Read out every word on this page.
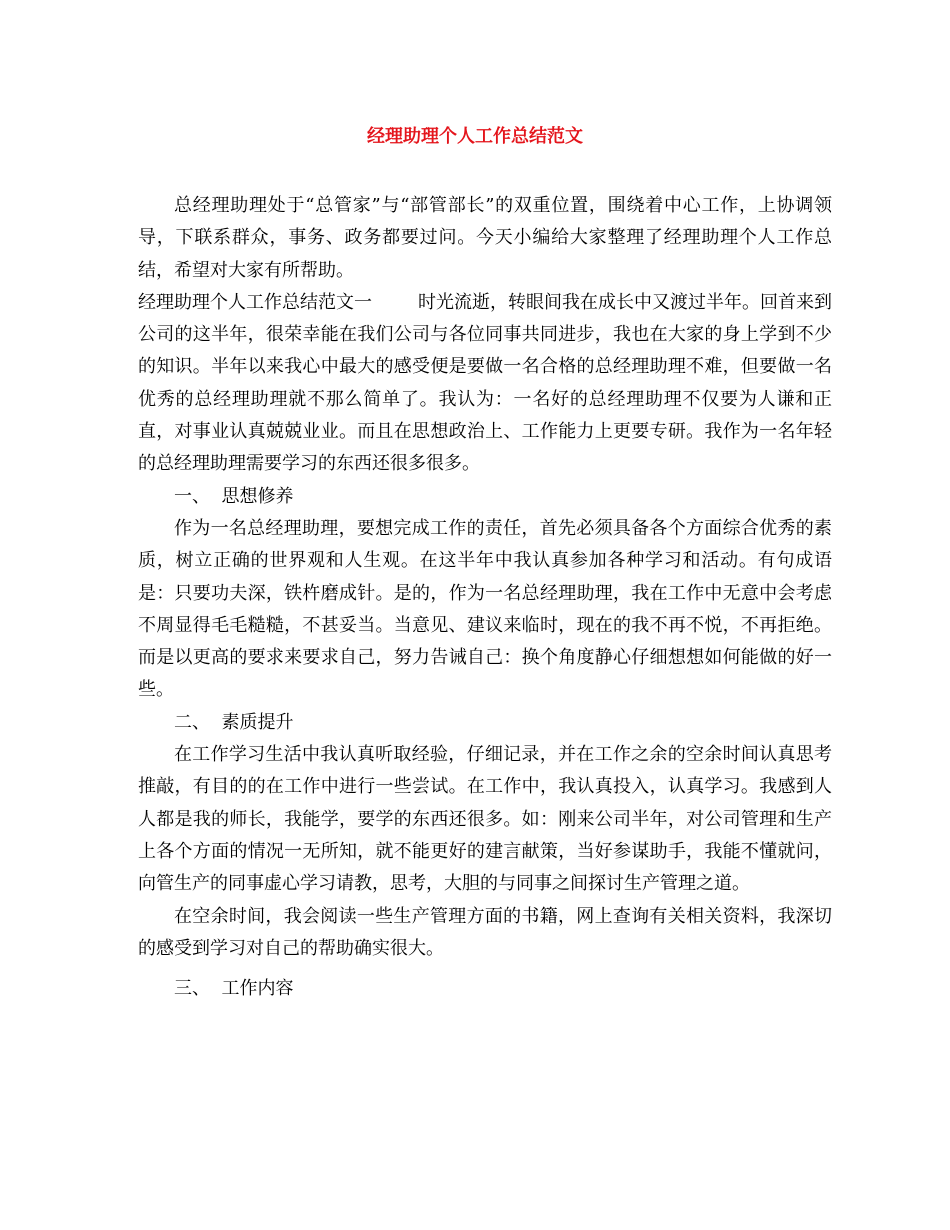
经理助理个人工作总结范文

总经理助理处于“总管家”与“部管部长”的双重位置，围绕着中心工作，上协调领导，下联系群众，事务、政务都要过问。今天小编给大家整理了经理助理个人工作总结，希望对大家有所帮助。

经理助理个人工作总结范文一	时光流逝，转眼间我在成长中又渡过半年。回首来到公司的这半年，很荣幸能在我们公司与各位同事共同进步，我也在大家的身上学到不少的知识。半年以来我心中最大的感受便是要做一名合格的总经理助理不难，但要做一名优秀的总经理助理就不那么简单了。我认为：一名好的总经理助理不仅要为人谦和正直，对事业认真兢兢业业。而且在思想政治上、工作能力上更要专研。我作为一名年轻的总经理助理需要学习的东西还很多很多。

一、  思想修养

作为一名总经理助理，要想完成工作的责任，首先必须具备各个方面综合优秀的素质，树立正确的世界观和人生观。在这半年中我认真参加各种学习和活动。有句成语是：只要功夫深，铁杵磨成针。是的，作为一名总经理助理，我在工作中无意中会考虑不周显得毛毛糙糙，不甚妥当。当意见、建议来临时，现在的我不再不悦，不再拒绝。而是以更高的要求来要求自己，努力告诫自己：换个角度静心仔细想想如何能做的好一些。

二、  素质提升

在工作学习生活中我认真听取经验，仔细记录，并在工作之余的空余时间认真思考推敲，有目的的在工作中进行一些尝试。在工作中，我认真投入，认真学习。我感到人人都是我的师长，我能学，要学的东西还很多。如：刚来公司半年，对公司管理和生产上各个方面的情况一无所知，就不能更好的建言献策，当好参谋助手，我能不懂就问，向管生产的同事虚心学习请教，思考，大胆的与同事之间探讨生产管理之道。

在空余时间，我会阅读一些生产管理方面的书籍，网上查询有关相关资料，我深切的感受到学习对自己的帮助确实很大。

三、  工作内容
